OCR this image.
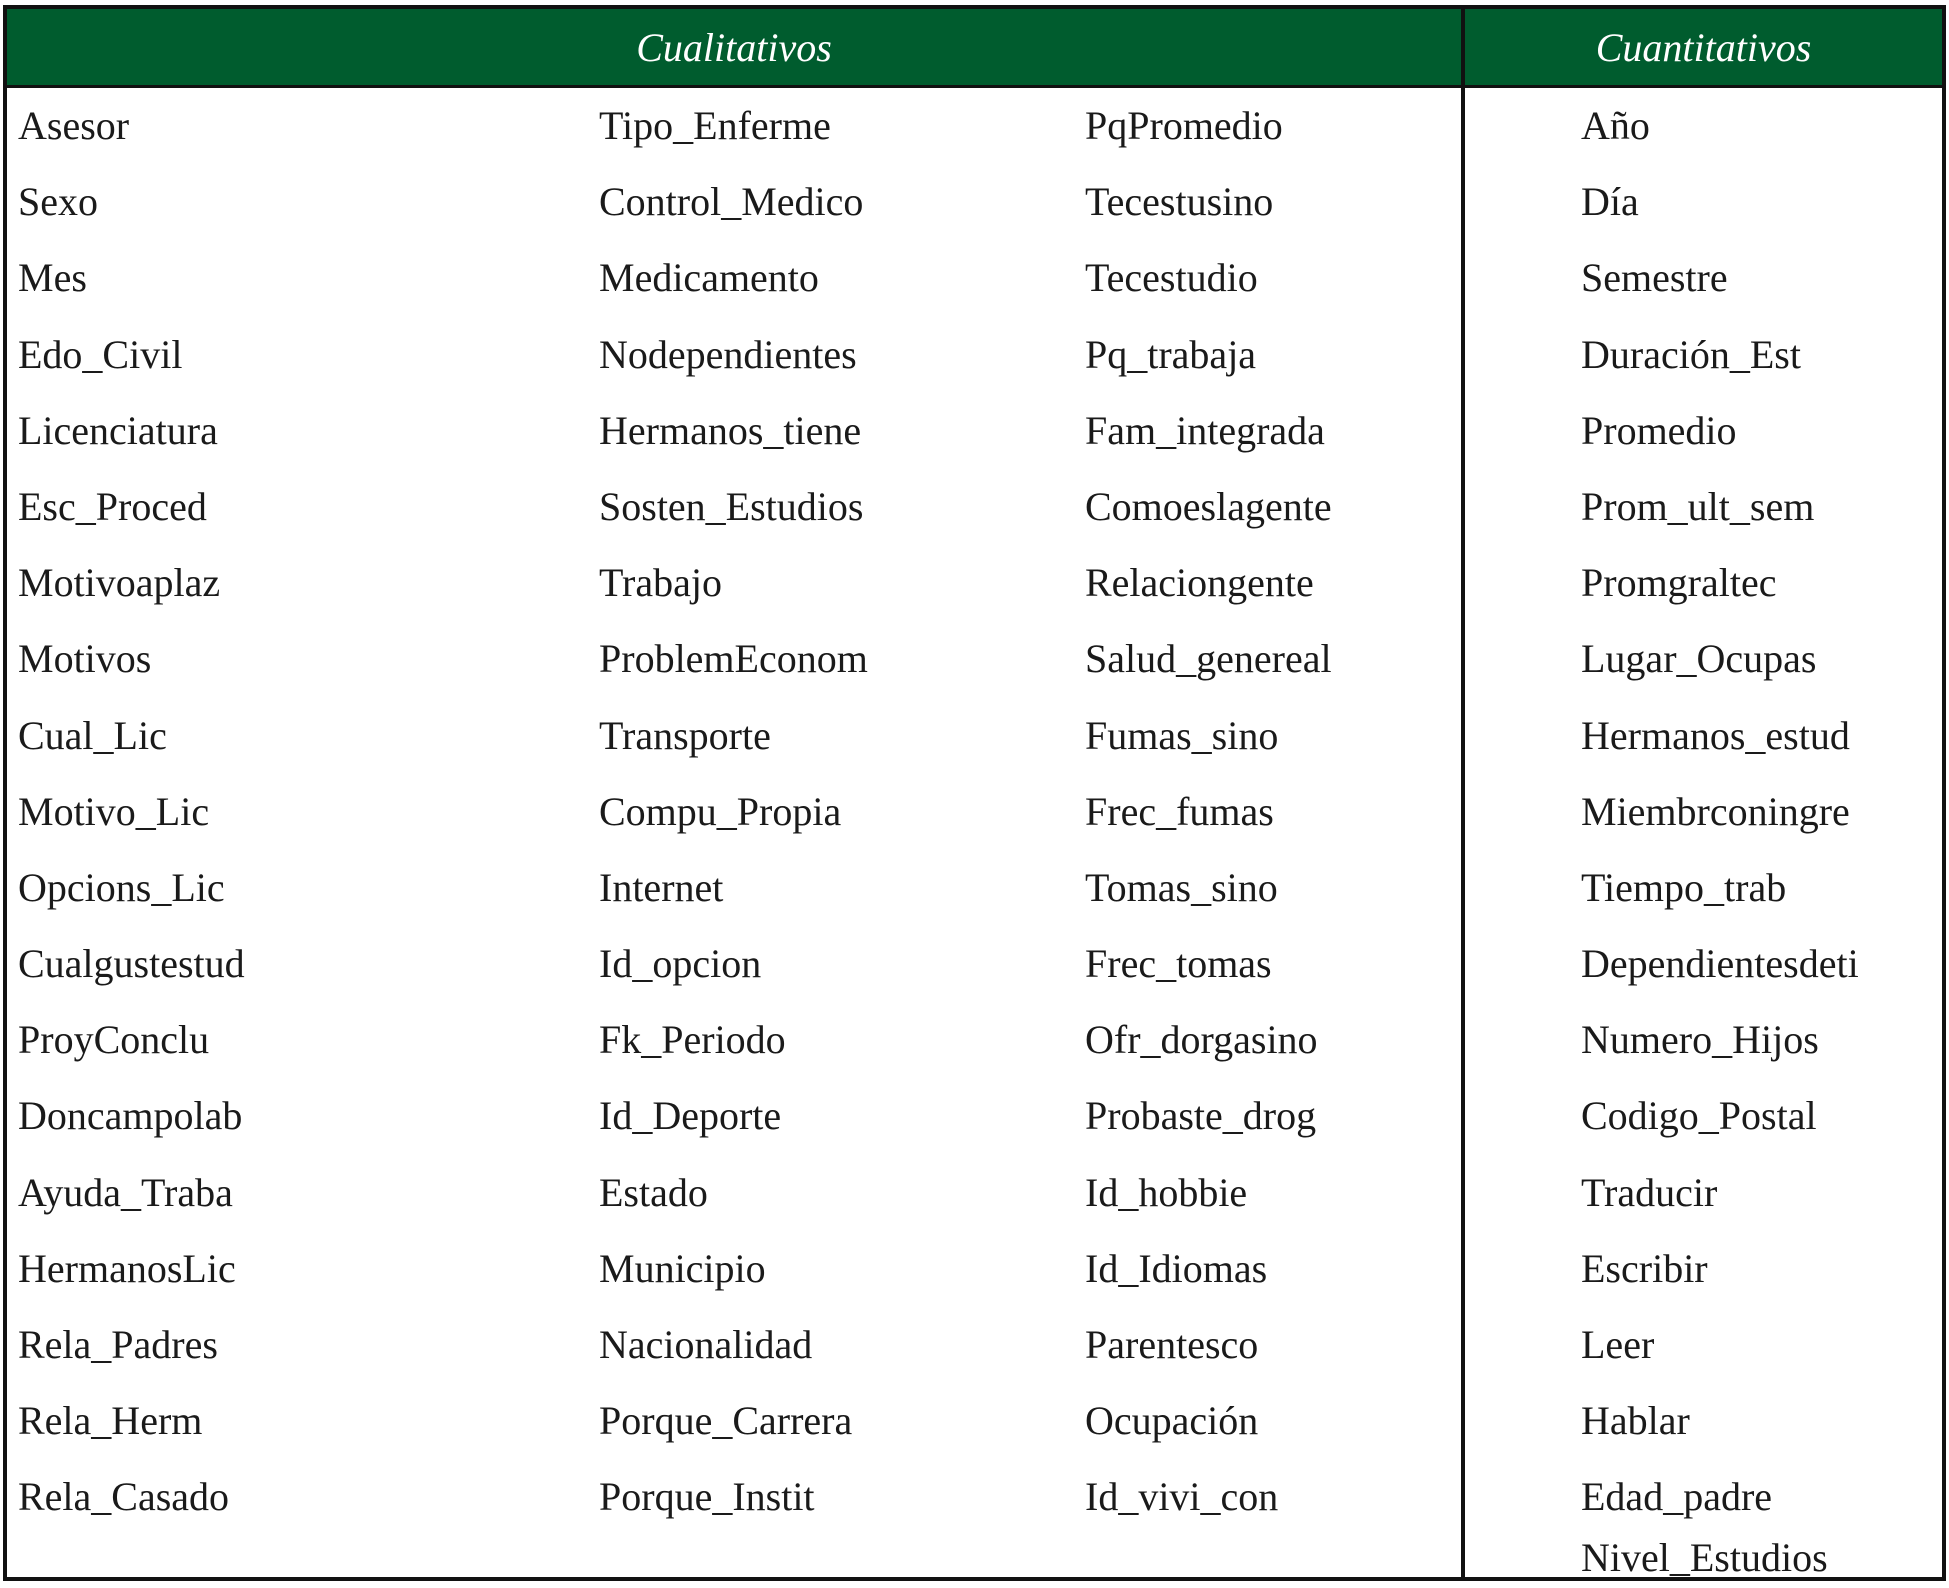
Cualitativos	Cuantitativos
Asesor
Sexo
Mes
Edo_Civil
Licenciatura
Esc_Proced
Motivoaplaz
Motivos
Cual_Lic
Motivo_Lic
Opcions_Lic
Cualgustestud
ProyConclu
Doncampolab
Ayuda_Traba
HermanosLic
Rela_Padres
Rela_Herm
Rela_Casado
Tipo_Enferme
Control_Medico
Medicamento
Nodependientes
Hermanos_tiene
Sosten_Estudios
Trabajo
ProblemEconom
Transporte
Compu_Propia
Internet
Id_opcion
Fk_Periodo
Id_Deporte
Estado
Municipio
Nacionalidad
Porque_Carrera
Porque_Instit
PqPromedio
Tecestusino
Tecestudio
Pq_trabaja
Fam_integrada
Comoeslagente
Relaciongente
Salud_genereal
Fumas_sino
Frec_fumas
Tomas_sino
Frec_tomas
Ofr_dorgasino
Probaste_drog
Id_hobbie
Id_Idiomas
Parentesco
Ocupación
Id_vivi_con
Año
Día
Semestre
Duración_Est
Promedio
Prom_ult_sem
Promgraltec
Lugar_Ocupas
Hermanos_estud
Miembrconingre
Tiempo_trab
Dependientesdeti
Numero_Hijos
Codigo_Postal
Traducir
Escribir
Leer
Hablar
Edad_padre
Nivel_Estudios
